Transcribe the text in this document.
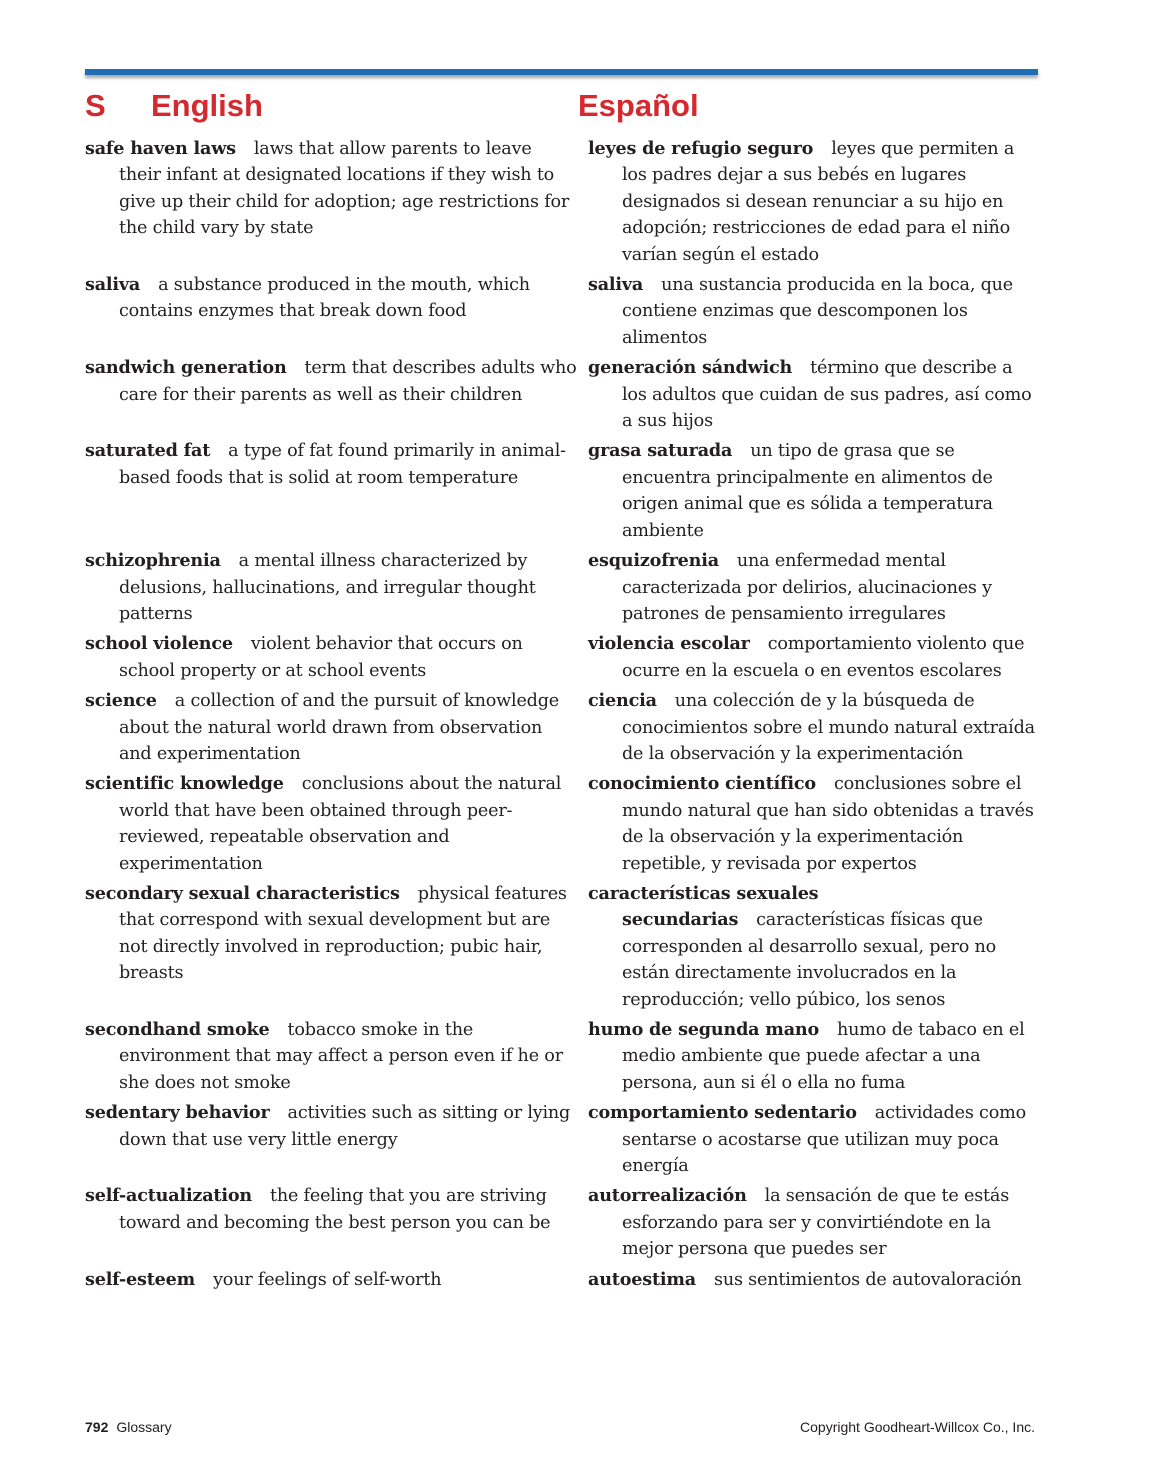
S English	Español
safe haven laws laws that allow parents to leave their infant at designated locations if they wish to give up their child for adoption; age restrictions for the child vary by state	leyes de refugio seguro leyes que permiten a los padres dejar a sus bebés en lugares designados si desean renunciar a su hijo en adopción; restricciones de edad para el niño varían según el estado

saliva a substance produced in the mouth, which contains enzymes that break down food	saliva una sustancia producida en la boca, que contiene enzimas que descomponen los alimentos

sandwich generation term that describes adults who care for their parents as well as their children	generación sándwich término que describe a los adultos que cuidan de sus padres, así como a sus hijos

saturated fat a type of fat found primarily in animal-based foods that is solid at room temperature	grasa saturada un tipo de grasa que se encuentra principalmente en alimentos de origen animal que es sólida a temperatura ambiente

schizophrenia a mental illness characterized by delusions, hallucinations, and irregular thought patterns	esquizofrenia una enfermedad mental caracterizada por delirios, alucinaciones y patrones de pensamiento irregulares

school violence violent behavior that occurs on school property or at school events	violencia escolar comportamiento violento que ocurre en la escuela o en eventos escolares

science a collection of and the pursuit of knowledge about the natural world drawn from observation and experimentation	ciencia una colección de y la búsqueda de conocimientos sobre el mundo natural extraída de la observación y la experimentación

scientific knowledge conclusions about the natural world that have been obtained through peer-reviewed, repeatable observation and experimentation	conocimiento científico conclusiones sobre el mundo natural que han sido obtenidas a través de la observación y la experimentación repetible, y revisada por expertos

secondary sexual characteristics physical features that correspond with sexual development but are not directly involved in reproduction; pubic hair, breasts	características sexuales secundarias características físicas que corresponden al desarrollo sexual, pero no están directamente involucrados en la reproducción; vello púbico, los senos

secondhand smoke tobacco smoke in the environment that may affect a person even if he or she does not smoke	humo de segunda mano humo de tabaco en el medio ambiente que puede afectar a una persona, aun si él o ella no fuma

sedentary behavior activities such as sitting or lying down that use very little energy	comportamiento sedentario actividades como sentarse o acostarse que utilizan muy poca energía

self-actualization the feeling that you are striving toward and becoming the best person you can be	autorrealización la sensación de que te estás esforzando para ser y convirtiéndote en la mejor persona que puedes ser

self-esteem your feelings of self-worth	autoestima sus sentimientos de autovaloración
792 Glossary	Copyright Goodheart-Willcox Co., Inc.
